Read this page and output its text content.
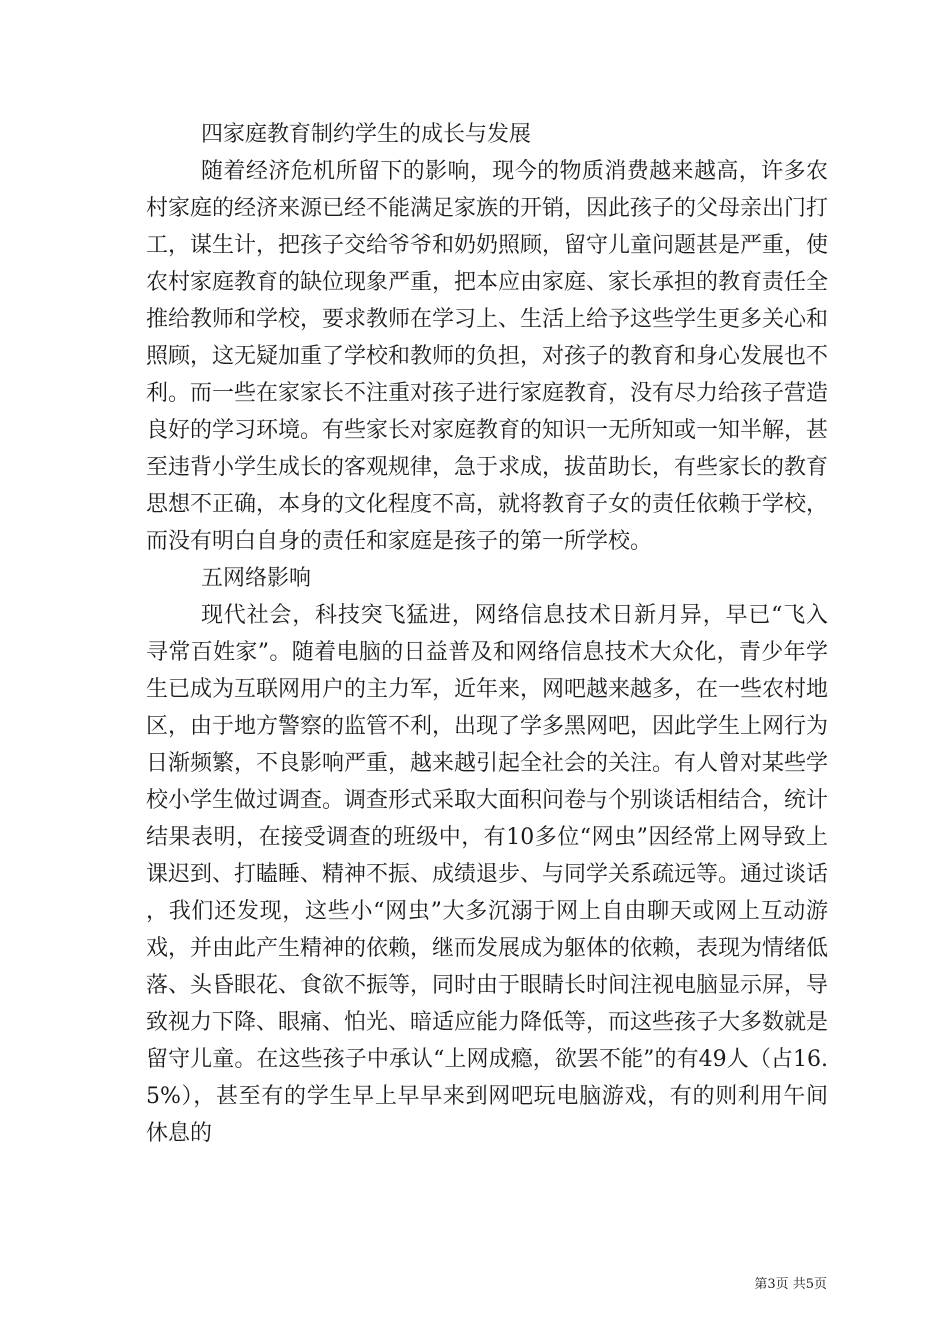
四家庭教育制约学生的成长与发展

随着经济危机所留下的影响，现今的物质消费越来越高，许多农村家庭的经济来源已经不能满足家族的开销，因此孩子的父母亲出门打工，谋生计，把孩子交给爷爷和奶奶照顾，留守儿童问题甚是严重，使农村家庭教育的缺位现象严重，把本应由家庭、家长承担的教育责任全推给教师和学校，要求教师在学习上、生活上给予这些学生更多关心和照顾，这无疑加重了学校和教师的负担，对孩子的教育和身心发展也不利。而一些在家家长不注重对孩子进行家庭教育，没有尽力给孩子营造良好的学习环境。有些家长对家庭教育的知识一无所知或一知半解，甚至违背小学生成长的客观规律，急于求成，拔苗助长，有些家长的教育思想不正确，本身的文化程度不高，就将教育子女的责任依赖于学校，而没有明白自身的责任和家庭是孩子的第一所学校。

五网络影响

现代社会，科技突飞猛进，网络信息技术日新月异，早已“飞入寻常百姓家”。随着电脑的日益普及和网络信息技术大众化，青少年学生已成为互联网用户的主力军，近年来，网吧越来越多，在一些农村地区，由于地方警察的监管不利，出现了学多黑网吧，因此学生上网行为日渐频繁，不良影响严重，越来越引起全社会的关注。有人曾对某些学校小学生做过调查。调查形式采取大面积问卷与个别谈话相结合，统计结果表明，在接受调查的班级中，有10多位“网虫”因经常上网导致上课迟到、打瞌睡、精神不振、成绩退步、与同学关系疏远等。通过谈话，我们还发现，这些小“网虫”大多沉溺于网上自由聊天或网上互动游戏，并由此产生精神的依赖，继而发展成为躯体的依赖，表现为情绪低落、头昏眼花、食欲不振等，同时由于眼睛长时间注视电脑显示屏，导致视力下降、眼痛、怕光、暗适应能力降低等，而这些孩子大多数就是留守儿童。在这些孩子中承认“上网成瘾，欲罢不能”的有49人（占16.5%），甚至有的学生早上早早来到网吧玩电脑游戏，有的则利用午间休息的

第3页 共5页
